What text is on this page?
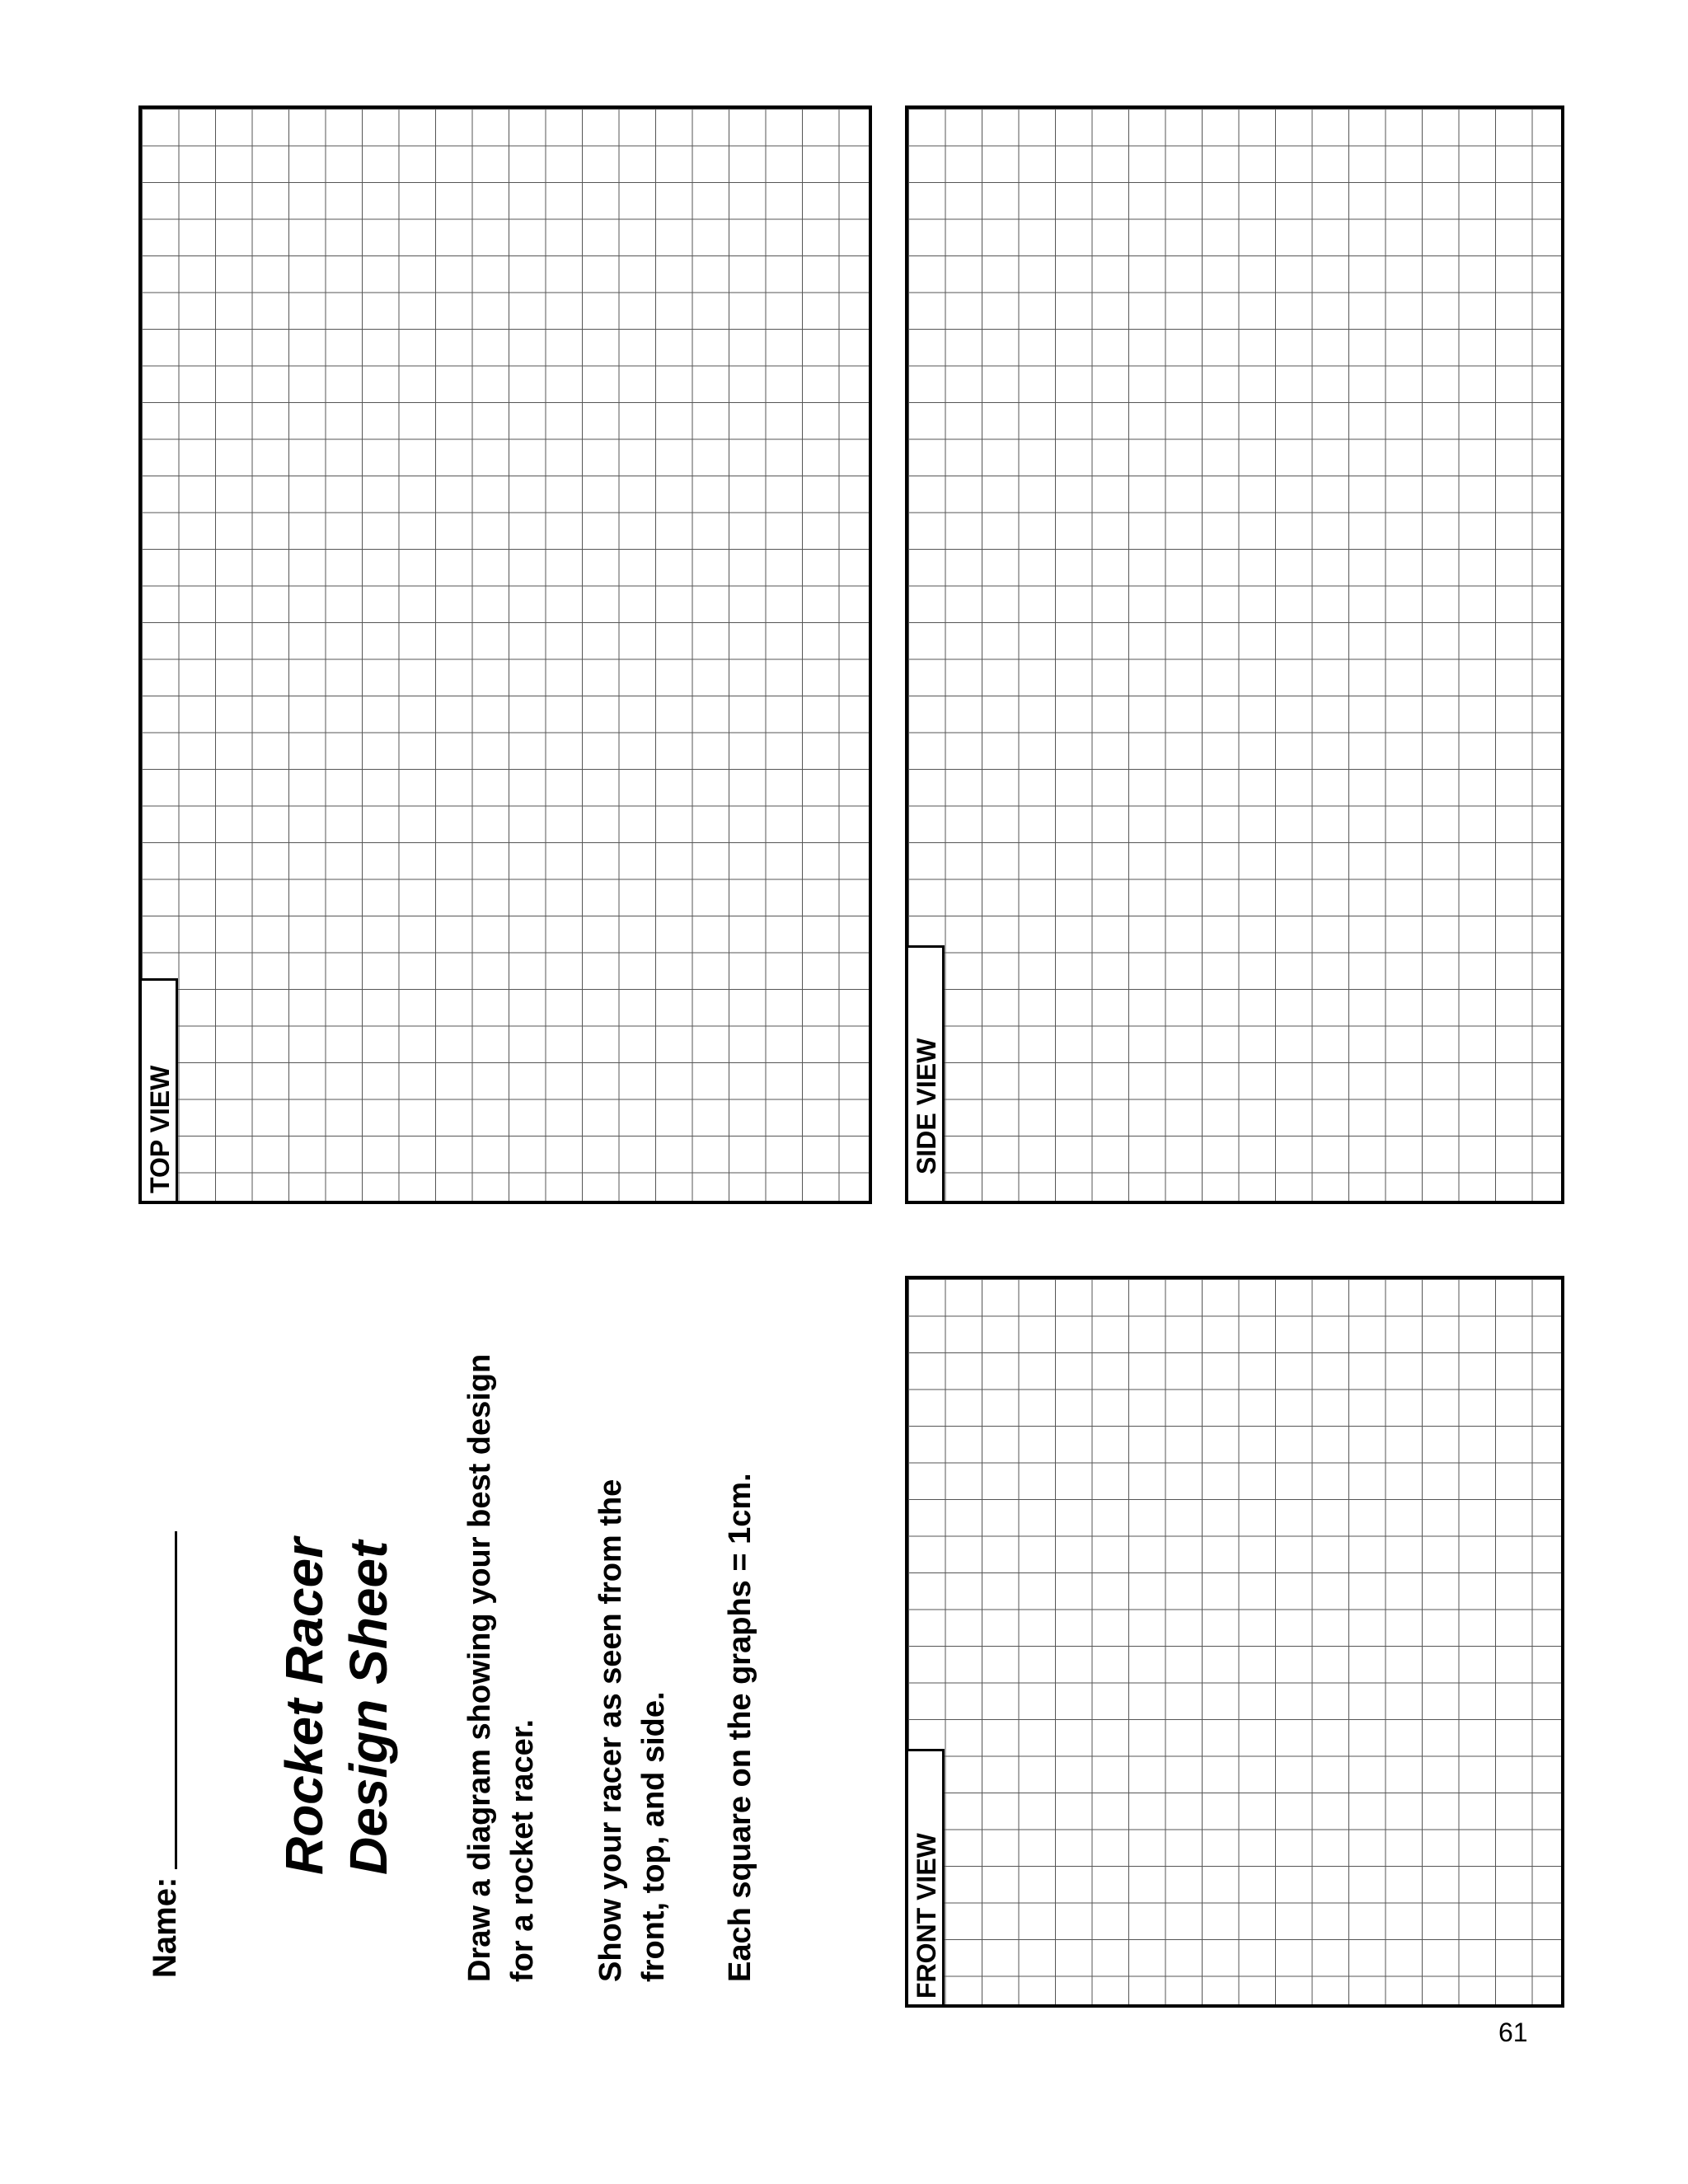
Name:
Rocket Racer Design Sheet Draw a diagram showing your best design for a rocket racer. Show your racer as seen from the front, top, and side. Each square on the graphs = 1cm.
TOP VIEW	SIDE VIEW
FRONT VIEW
61
